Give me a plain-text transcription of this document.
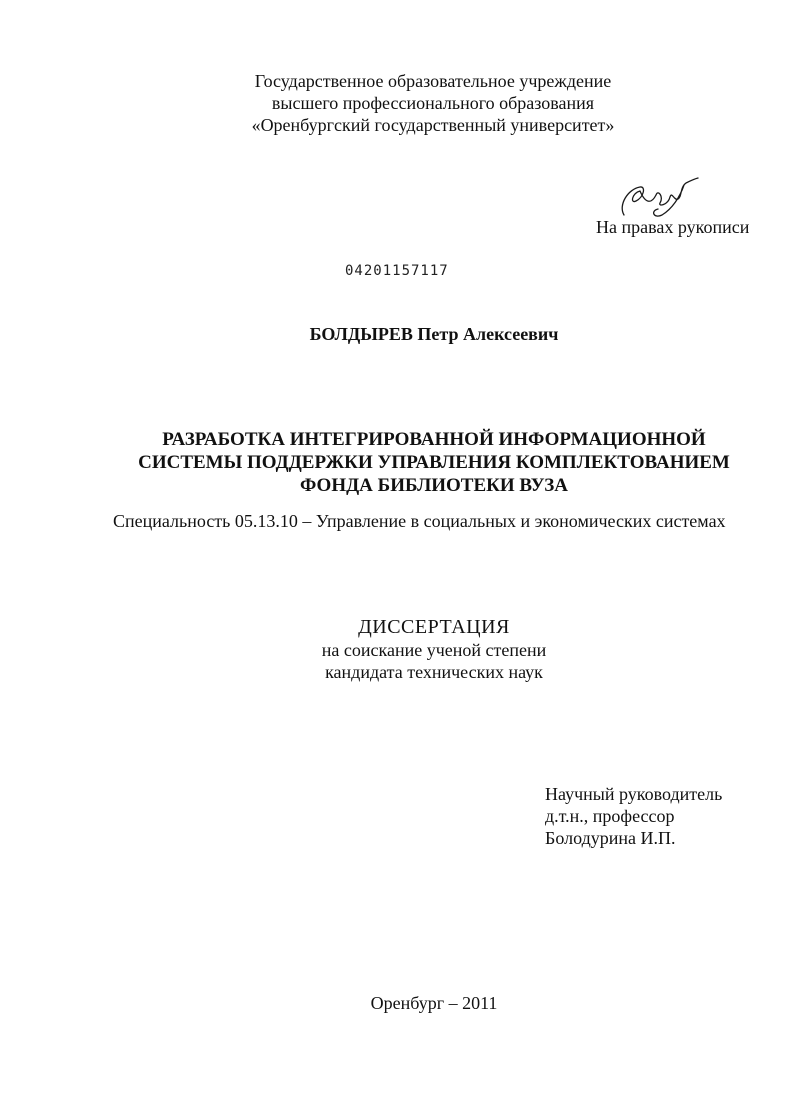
Государственное образовательное учреждение
высшего профессионального образования
«Оренбургский государственный университет»
На правах рукописи
04201157117
БОЛДЫРЕВ Петр Алексеевич
РАЗРАБОТКА ИНТЕГРИРОВАННОЙ ИНФОРМАЦИОННОЙ
СИСТЕМЫ ПОДДЕРЖКИ УПРАВЛЕНИЯ КОМПЛЕКТОВАНИЕМ
ФОНДА БИБЛИОТЕКИ ВУЗА
Специальность 05.13.10 – Управление в социальных и экономических системах
ДИССЕРТАЦИЯ
на соискание ученой степени
кандидата технических наук
Научный руководитель
д.т.н., профессор
Болодурина И.П.
Оренбург – 2011
